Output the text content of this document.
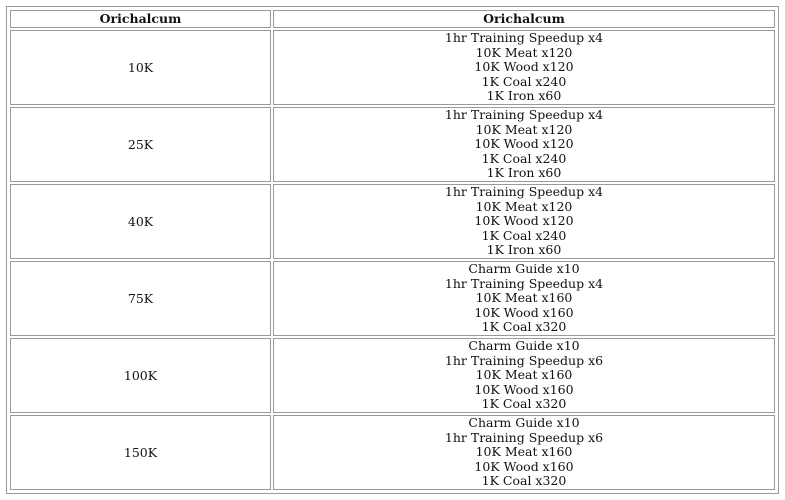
Orichalcum	Orichalcum
10K	1hr Training Speedup x4
10K Meat x120
10K Wood x120
1K Coal x240
1K Iron x60

25K	1hr Training Speedup x4
10K Meat x120
10K Wood x120
1K Coal x240
1K Iron x60

40K	1hr Training Speedup x4
10K Meat x120
10K Wood x120
1K Coal x240
1K Iron x60

75K	Charm Guide x10
1hr Training Speedup x4
10K Meat x160
10K Wood x160
1K Coal x320

100K	Charm Guide x10
1hr Training Speedup x6
10K Meat x160
10K Wood x160
1K Coal x320

150K	Charm Guide x10
1hr Training Speedup x6
10K Meat x160
10K Wood x160
1K Coal x320
